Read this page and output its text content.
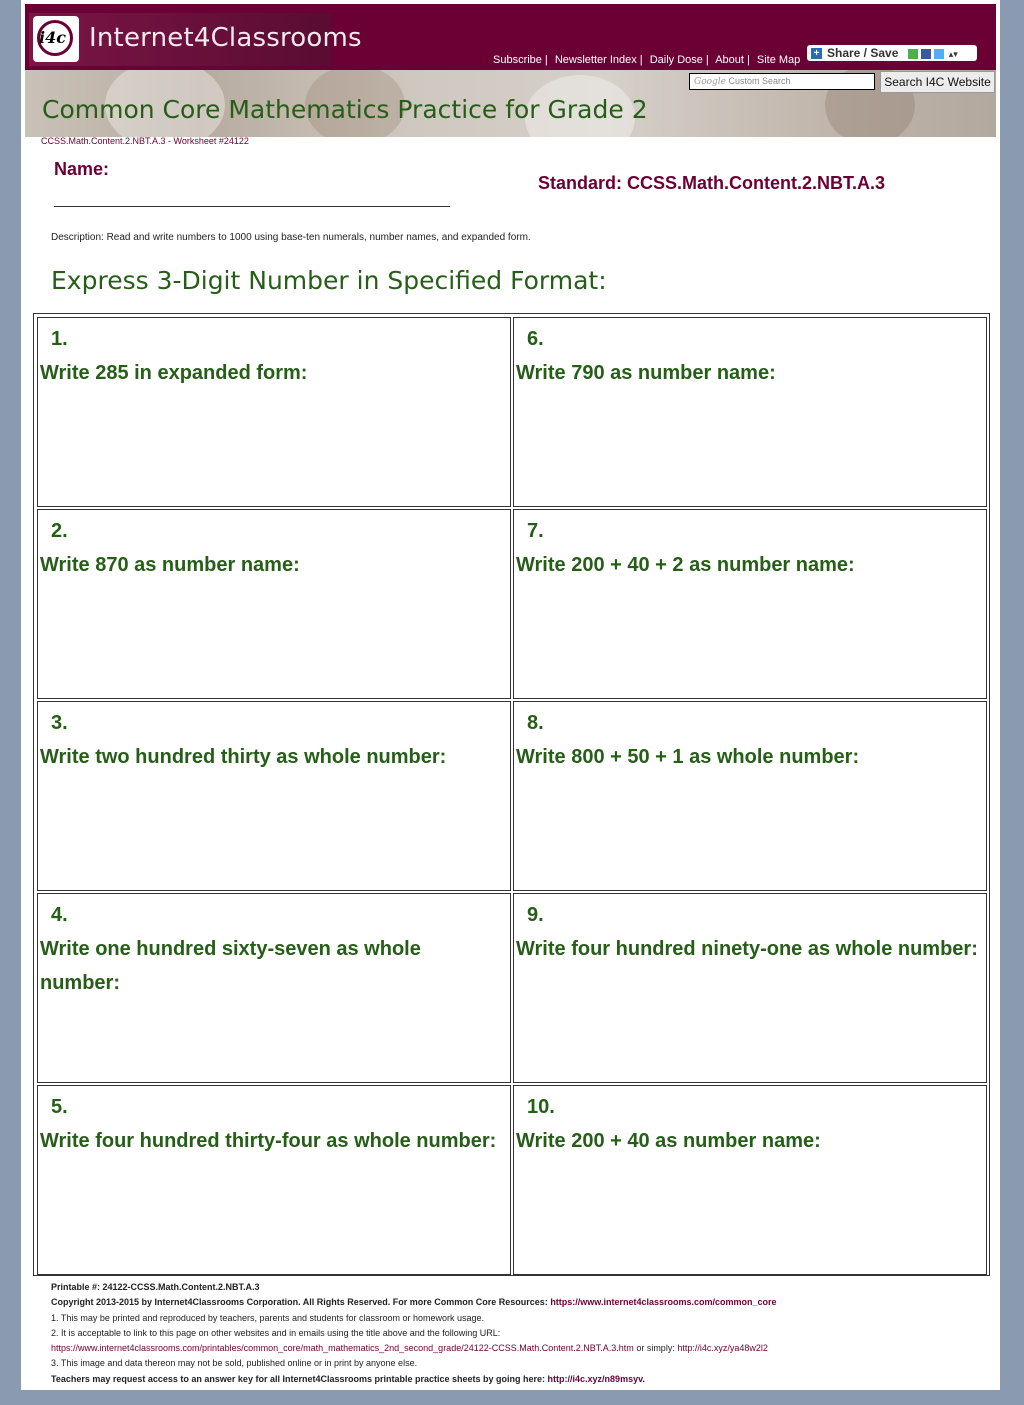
i4c Internet4Classrooms
Subscribe | Newsletter Index | Daily Dose | About | Site Map
+ Share / Save	▴▾
Google Custom Search	Search I4C Website
Common Core Mathematics Practice for Grade 2
CCSS.Math.Content.2.NBT.A.3 - Worksheet #24122
Name:
Standard: CCSS.Math.Content.2.NBT.A.3
Description: Read and write numbers to 1000 using base-ten numerals, number names, and expanded form.
Express 3-Digit Number in Specified Format:
1.
Write 285 in expanded form:
2.
Write 870 as number name:
3.
Write two hundred thirty as whole number:
4.
Write one hundred sixty-seven as whole number:
5.
Write four hundred thirty-four as whole number:
6.
Write 790 as number name:
7.
Write 200 + 40 + 2 as number name:
8.
Write 800 + 50 + 1 as whole number:
9.
Write four hundred ninety-one as whole number:
10.
Write 200 + 40 as number name:
Printable #: 24122-CCSS.Math.Content.2.NBT.A.3
Copyright 2013-2015 by Internet4Classrooms Corporation. All Rights Reserved. For more Common Core Resources: https://www.internet4classrooms.com/common_core
1. This may be printed and reproduced by teachers, parents and students for classroom or homework usage.
2. It is acceptable to link to this page on other websites and in emails using the title above and the following URL:
https://www.internet4classrooms.com/printables/common_core/math_mathematics_2nd_second_grade/24122-CCSS.Math.Content.2.NBT.A.3.htm or simply: http://i4c.xyz/ya48w2l2
3. This image and data thereon may not be sold, published online or in print by anyone else.
Teachers may request access to an answer key for all Internet4Classrooms printable practice sheets by going here: http://i4c.xyz/n89msyv.
